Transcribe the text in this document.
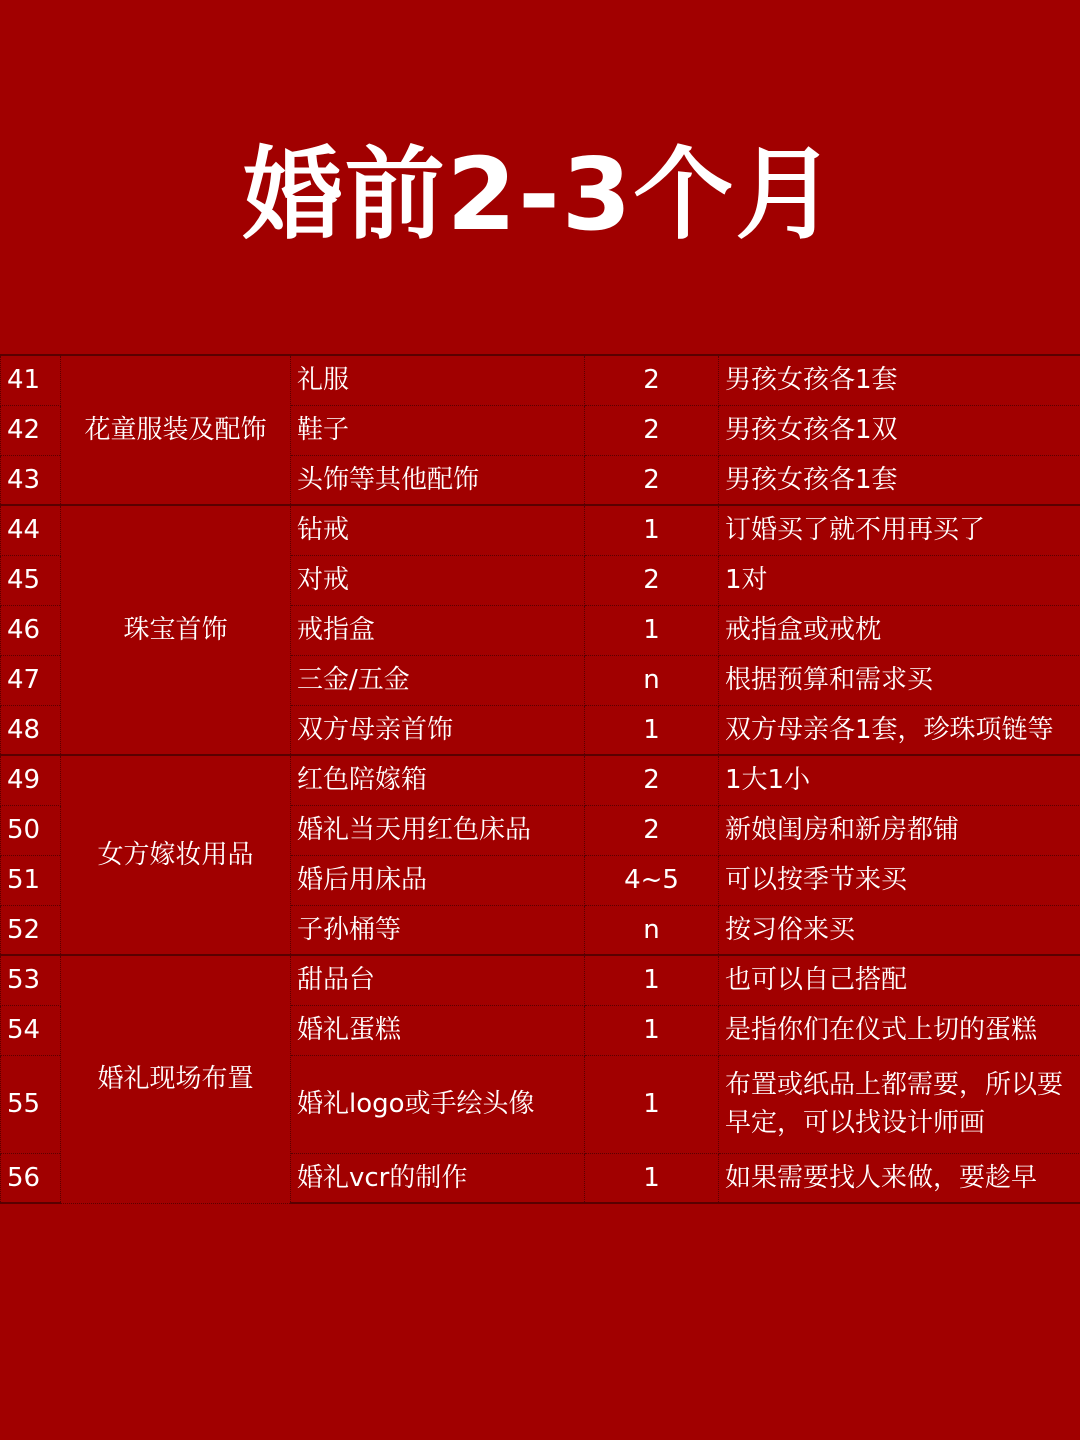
婚前2-3个月
41	花童服装及配饰	礼服	2	男孩女孩各1套
42		鞋子	2	男孩女孩各1双
43		头饰等其他配饰	2	男孩女孩各1套
44	珠宝首饰	钻戒	1	订婚买了就不用再买了
45		对戒	2	1对
46		戒指盒	1	戒指盒或戒枕
47		三金/五金	n	根据预算和需求买
48		双方母亲首饰	1	双方母亲各1套，珍珠项链等
49	女方嫁妆用品	红色陪嫁箱	2	1大1小
50		婚礼当天用红色床品	2	新娘闺房和新房都铺
51		婚后用床品	4~5	可以按季节来买
52		子孙桶等	n	按习俗来买
53	婚礼现场布置	甜品台	1	也可以自己搭配
54		婚礼蛋糕	1	是指你们在仪式上切的蛋糕
55		婚礼logo或手绘头像	1	布置或纸品上都需要，所以要早定，可以找设计师画
56		婚礼vcr的制作	1	如果需要找人来做，要趁早
